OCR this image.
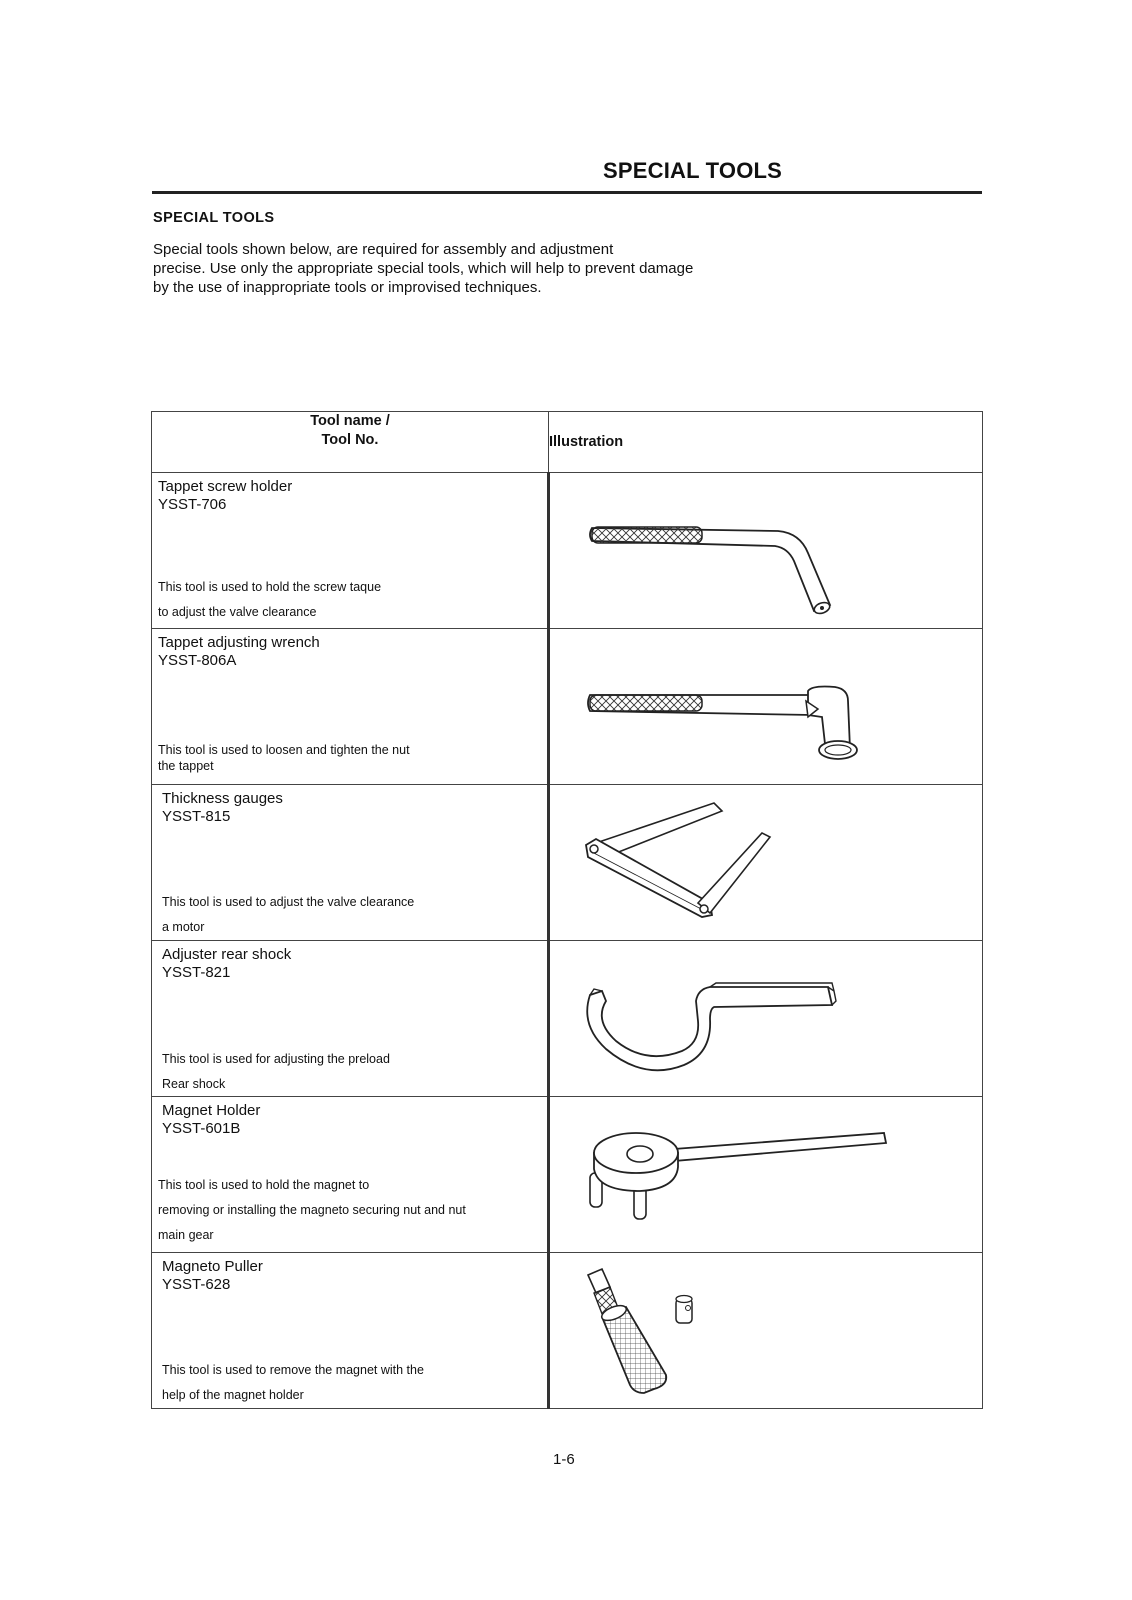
SPECIAL TOOLS
SPECIAL TOOLS
Special tools shown below, are required for assembly and adjustment
precise. Use only the appropriate special tools, which will help to prevent damage
by the use of inappropriate tools or improvised techniques.
Tool name /
Tool No.	Illustration

Tappet screw holder
YSST-706
This tool is used to hold the screw taque
to adjust the valve clearance

Tappet adjusting wrench
YSST-806A
This tool is used to loosen and tighten the nut
the tappet

Thickness gauges
YSST-815
This tool is used to adjust the valve clearance
a motor

Adjuster rear shock
YSST-821
This tool is used for adjusting the preload
Rear shock

Magnet Holder
YSST-601B
This tool is used to hold the magnet to
removing or installing the magneto securing nut and nut
main gear

Magneto Puller
YSST-628
This tool is used to remove the magnet with the
help of the magnet holder

1-6
